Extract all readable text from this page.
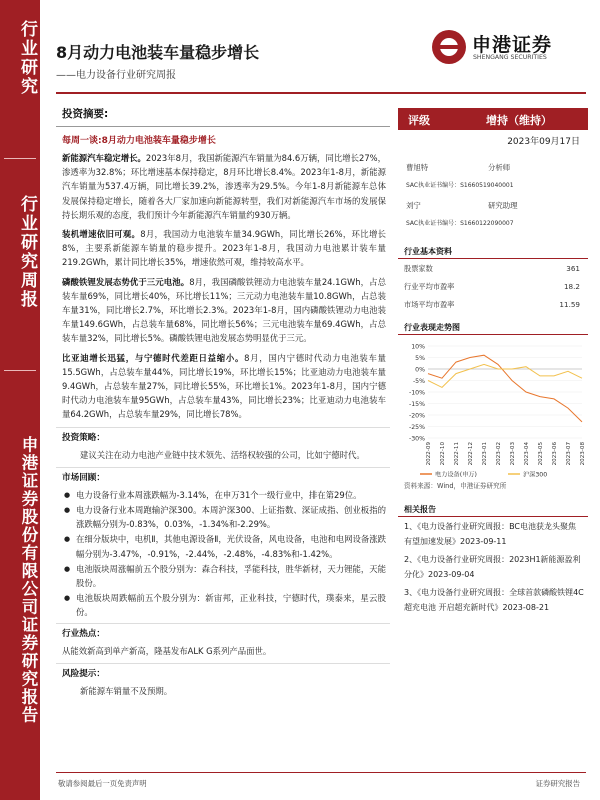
行业研究
行业研究周报
申港证券股份有限公司证券研究报告
8月动力电池装车量稳步增长
——电力设备行业研究周报
申港证券
SHENGANG SECURITIES
投资摘要:
每周一谈:8月动力电池装车量稳步增长

新能源汽车稳定增长。2023年8月，我国新能源汽车销量为84.6万辆，同比增长27%，渗透率为32.8%；环比增速基本保持稳定，8月环比增长8.4%。2023年1-8月，新能源汽车销量为537.4万辆，同比增长39.2%，渗透率为29.5%。今年1-8月新能源车总体发展保持稳定增长，随着各大厂家加速向新能源转型，我们对新能源汽车市场的发展保持长期乐观的态度，我们预计今年新能源汽车销量约930万辆。

装机增速依旧可观。8月，我国动力电池装车量34.9GWh，同比增长26%，环比增长8%，主要系新能源车销量的稳步提升。2023年1-8月，我国动力电池累计装车量219.2GWh，累计同比增长35%，增速依然可观，维持较高水平。

磷酸铁锂发展态势优于三元电池。8月，我国磷酸铁锂动力电池装车量24.1GWh，占总装车量69%，同比增长40%，环比增长11%；三元动力电池装车量10.8GWh，占总装车量31%，同比增长2.7%，环比增长2.3%。2023年1-8月，国内磷酸铁锂动力电池装车量149.6GWh，占总装车量68%，同比增长56%；三元电池装车量69.4GWh，占总装车量32%，同比增长5%。磷酸铁锂电池发展态势明显优于三元。

比亚迪增长迅猛，与宁德时代差距日益缩小。8月，国内宁德时代动力电池装车量15.5GWh，占总装车量44%，同比增长19%，环比增长15%；比亚迪动力电池装车量9.4GWh，占总装车量27%，同比增长55%，环比增长1%。2023年1-8月，国内宁德时代动力电池装车量95GWh，占总装车量43%，同比增长23%；比亚迪动力电池装车量64.2GWh，占总装车量29%，同比增长78%。

投资策略：

建议关注在动力电池产业链中技术领先、活络权较强的公司，比如宁德时代。

市场回顾：
● 电力设备行业本周涨跌幅为-3.14%，在申万31个一级行业中，排在第29位。
● 电力设备行业本周跑输沪深300。本周沪深300、上证指数、深证成指、创业板指的涨跌幅分别为-0.83%，0.03%，-1.34%和-2.29%。
● 在细分版块中，电机Ⅱ，其他电源设备Ⅱ，光伏设备，风电设备，电池和电网设备涨跌幅分别为-3.47%，-0.91%，-2.44%，-2.48%，-4.83%和-1.42%。
● 电池版块周涨幅前五个股分别为：森合科技，孚能科技，胜华新材，天力锂能，天能股份。
● 电池版块周跌幅前五个股分别为：新宙邦，正业科技，宁德时代，璞泰来，星云股份。
行业热点：

从能效新高到单产新高，隆基发布ALK G系列产品面世。

风险提示：

新能源车销量不及预期。

评级	增持（维持）
2023年09月17日
曹旭特	分析师
SAC执业证书编号：S1660519040001
刘宁	研究助理
SAC执业证书编号：S1660122090007
行业基本资料
股票家数	361
行业平均市盈率	18.2
市场平均市盈率	11.59
行业表现走势图
10%
5%
0%
-5%
-10%
-15%
-20%
-25%
-30%
2022-09 2022-10 2022-11 2022-12 2023-01 2023-02 2023-03 2023-04 2023-05 2023-06 2023-07 2023-08
电力设备(申万)	沪深300
资料来源：Wind，申港证券研究所
相关报告
1、《电力设备行业研究周报：BC电池获龙头聚焦 有望加速发展》2023-09-11
2、《电力设备行业研究周报：2023H1新能源盈利分化》2023-09-04
3、《电力设备行业研究周报：全球首款磷酸铁锂4C超充电池 开启超充新时代》2023-08-21
敬请参阅最后一页免责声明	证券研究报告
